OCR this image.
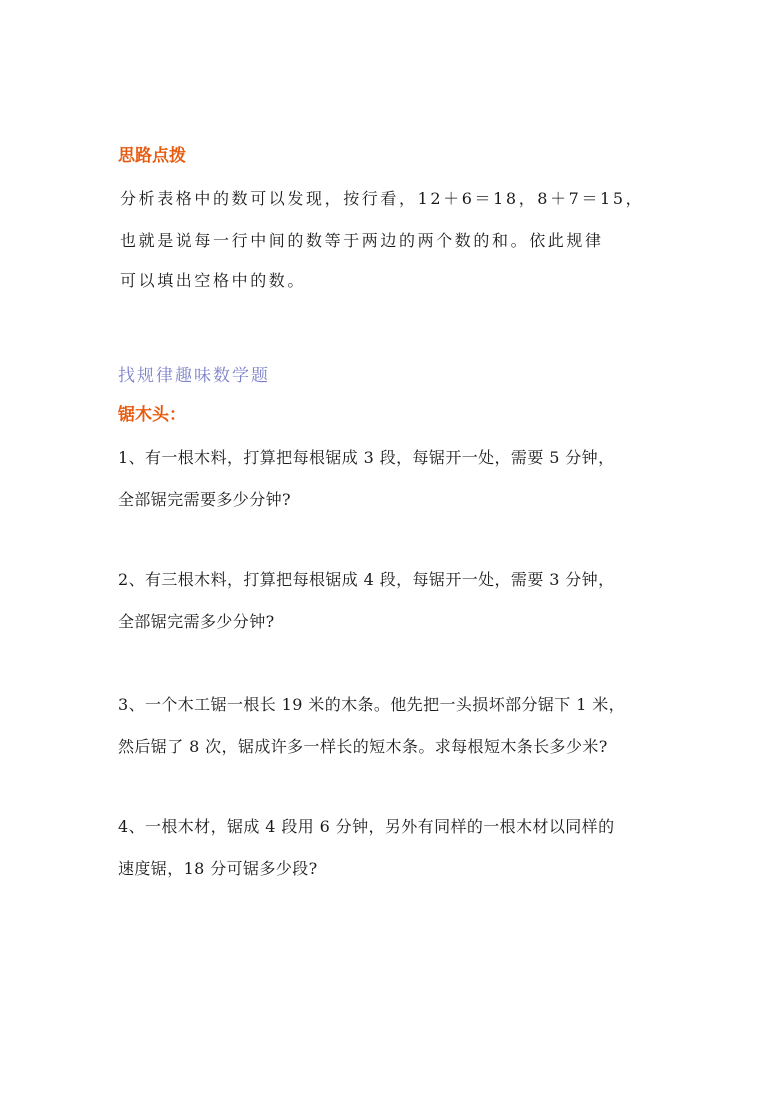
思路点拨
分析表格中的数可以发现，按行看，12＋6＝18，8＋7＝15，
也就是说每一行中间的数等于两边的两个数的和。依此规律
可以填出空格中的数。

找规律趣味数学题

锯木头：
1、有一根木料，打算把每根锯成 3 段，每锯开一处，需要 5 分钟，
全部锯完需要多少分钟?
2、有三根木料，打算把每根锯成 4 段，每锯开一处，需要 3 分钟，
全部锯完需多少分钟?
3、一个木工锯一根长 19 米的木条。他先把一头损坏部分锯下 1 米，
然后锯了 8 次，锯成许多一样长的短木条。求每根短木条长多少米?
4、一根木材，锯成 4 段用 6 分钟，另外有同样的一根木材以同样的
速度锯，18 分可锯多少段?
